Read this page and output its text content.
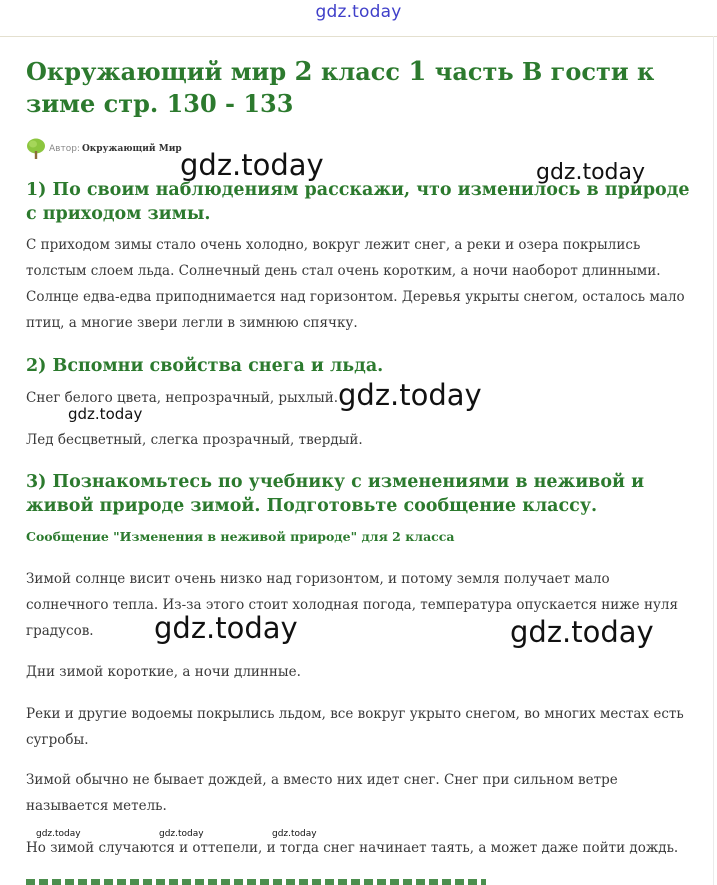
gdz.today
Окружающий мир 2 класс 1 часть В гости к зиме стр. 130 - 133
Автор: Окружающий Мир
1) По своим наблюдениям расскажи, что изменилось в природе с приходом зимы.

С приходом зимы стало очень холодно, вокруг лежит снег, а реки и озера покрылись толстым слоем льда. Солнечный день стал очень коротким, а ночи наоборот длинными. Солнце едва-едва приподнимается над горизонтом. Деревья укрыты снегом, осталось мало птиц, а многие звери легли в зимнюю спячку.

2) Вспомни свойства снега и льда.

Снег белого цвета, непрозрачный, рыхлый.

Лед бесцветный, слегка прозрачный, твердый.

3) Познакомьтесь по учебнику с изменениями в неживой и живой природе зимой. Подготовьте сообщение классу.
Сообщение "Изменения в неживой природе" для 2 класса

Зимой солнце висит очень низко над горизонтом, и потому земля получает мало солнечного тепла. Из-за этого стоит холодная погода, температура опускается ниже нуля градусов.

Дни зимой короткие, а ночи длинные.

Реки и другие водоемы покрылись льдом, все вокруг укрыто снегом, во многих местах есть сугробы.

Зимой обычно не бывает дождей, а вместо них идет снег. Снег при сильном ветре называется метель.

Но зимой случаются и оттепели, и тогда снег начинает таять, а может даже пойти дождь.

gdz.today	gdz.today
gdz.today
gdz.today
gdz.today	gdz.today
gdz.today	gdz.today	gdz.today
